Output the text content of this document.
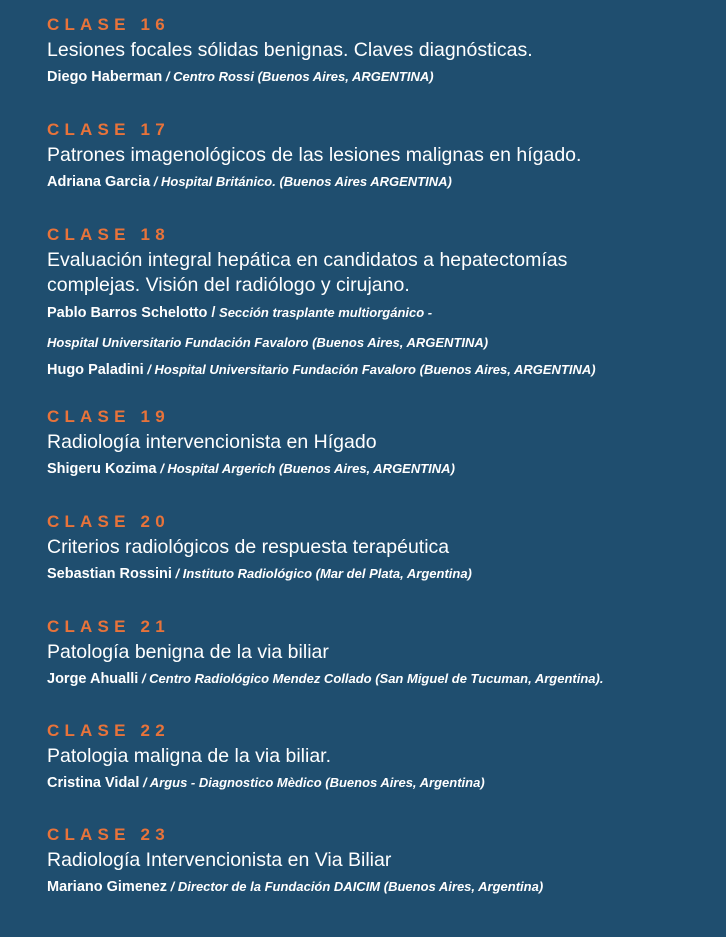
CLASE 16
Lesiones focales sólidas benignas. Claves diagnósticas.
Diego Haberman / Centro Rossi (Buenos Aires, ARGENTINA)
CLASE 17
Patrones imagenológicos de las lesiones malignas en hígado.
Adriana Garcia / Hospital Británico. (Buenos Aires ARGENTINA)
CLASE 18
Evaluación integral hepática en candidatos a hepatectomías complejas. Visión del radiólogo y cirujano.
Pablo Barros Schelotto / Sección trasplante multiorgánico -
Hospital Universitario Fundación Favaloro (Buenos Aires, ARGENTINA)
Hugo Paladini / Hospital Universitario Fundación Favaloro (Buenos Aires, ARGENTINA)
CLASE 19
Radiología intervencionista en Hígado
Shigeru Kozima / Hospital Argerich (Buenos Aires, ARGENTINA)
CLASE 20
Criterios radiológicos de respuesta terapéutica
Sebastian Rossini / Instituto Radiológico (Mar del Plata, Argentina)
CLASE 21
Patología benigna de la via biliar
Jorge Ahualli / Centro Radiológico Mendez Collado (San Miguel de Tucuman, Argentina).
CLASE 22
Patologia maligna de la via biliar.
Cristina Vidal / Argus - Diagnostico Mèdico (Buenos Aires, Argentina)
CLASE 23
Radiología Intervencionista en Via Biliar
Mariano Gimenez / Director de la Fundación DAICIM (Buenos Aires, Argentina)
